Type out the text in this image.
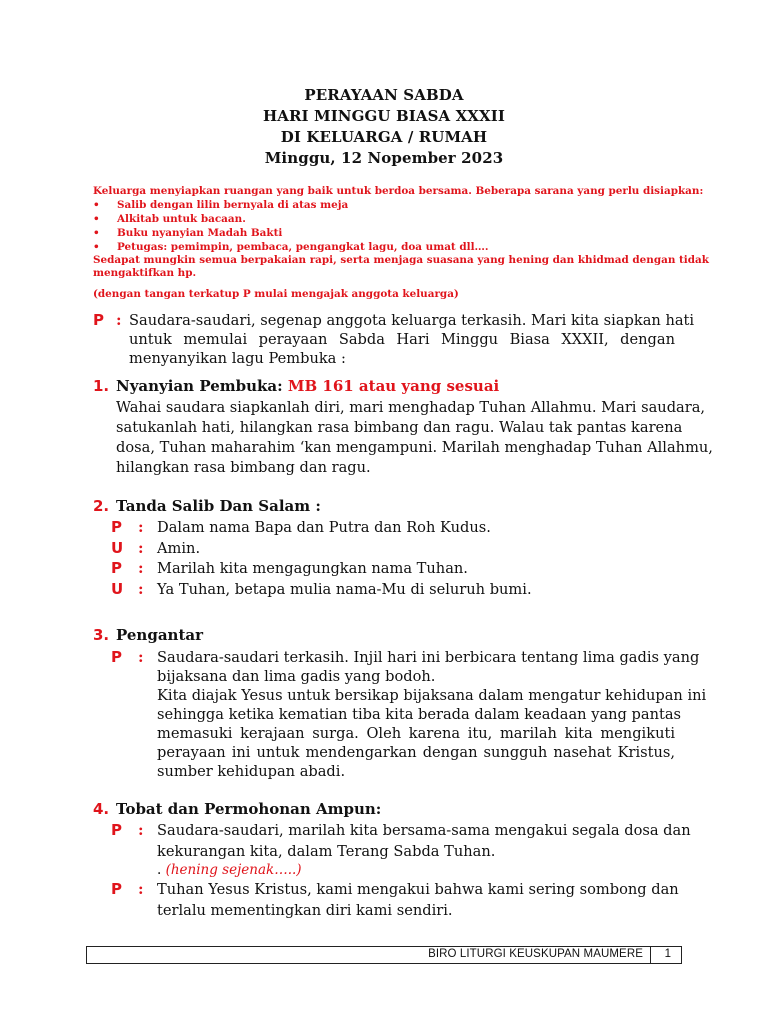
PERAYAAN SABDA
HARI MINGGU BIASA XXXII
DI KELUARGA / RUMAH
Minggu, 12 Nopember 2023
Keluarga menyiapkan ruangan yang baik untuk berdoa bersama. Beberapa sarana yang perlu disiapkan:
• Salib dengan lilin bernyala di atas meja
• Alkitab untuk bacaan.
• Buku nyanyian Madah Bakti
• Petugas: pemimpin, pembaca, pengangkat lagu, doa umat dll….
Sedapat mungkin semua berpakaian rapi, serta menjaga suasana yang hening dan khidmad dengan tidak
mengaktifkan hp.
(dengan tangan terkatup P mulai mengajak anggota keluarga)
P : Saudara-saudari, segenap anggota keluarga terkasih. Mari kita siapkan hati
untuk memulai perayaan Sabda Hari Minggu Biasa XXXII, dengan
menyanyikan lagu Pembuka :
1. Nyanyian Pembuka: MB 161 atau yang sesuai
Wahai saudara siapkanlah diri, mari menghadap Tuhan Allahmu. Mari saudara,
satukanlah hati, hilangkan rasa bimbang dan ragu. Walau tak pantas karena
dosa, Tuhan maharahim ‘kan mengampuni. Marilah menghadap Tuhan Allahmu,
hilangkan rasa bimbang dan ragu.
2. Tanda Salib Dan Salam :
P : Dalam nama Bapa dan Putra dan Roh Kudus.
U : Amin.
P : Marilah kita mengagungkan nama Tuhan.
U : Ya Tuhan, betapa mulia nama-Mu di seluruh bumi.
3. Pengantar
P : Saudara-saudari terkasih. Injil hari ini berbicara tentang lima gadis yang
bijaksana dan lima gadis yang bodoh.
Kita diajak Yesus untuk bersikap bijaksana dalam mengatur kehidupan ini
sehingga ketika kematian tiba kita berada dalam keadaan yang pantas
memasuki kerajaan surga. Oleh karena itu, marilah kita mengikuti
perayaan ini untuk mendengarkan dengan sungguh nasehat Kristus,
sumber kehidupan abadi.
4. Tobat dan Permohonan Ampun:
P : Saudara-saudari, marilah kita bersama-sama mengakui segala dosa dan
kekurangan kita, dalam Terang Sabda Tuhan.
. (hening sejenak…..)
P : Tuhan Yesus Kristus, kami mengakui bahwa kami sering sombong dan
terlalu mementingkan diri kami sendiri.
BIRO LITURGI KEUSKUPAN MAUMERE 1
